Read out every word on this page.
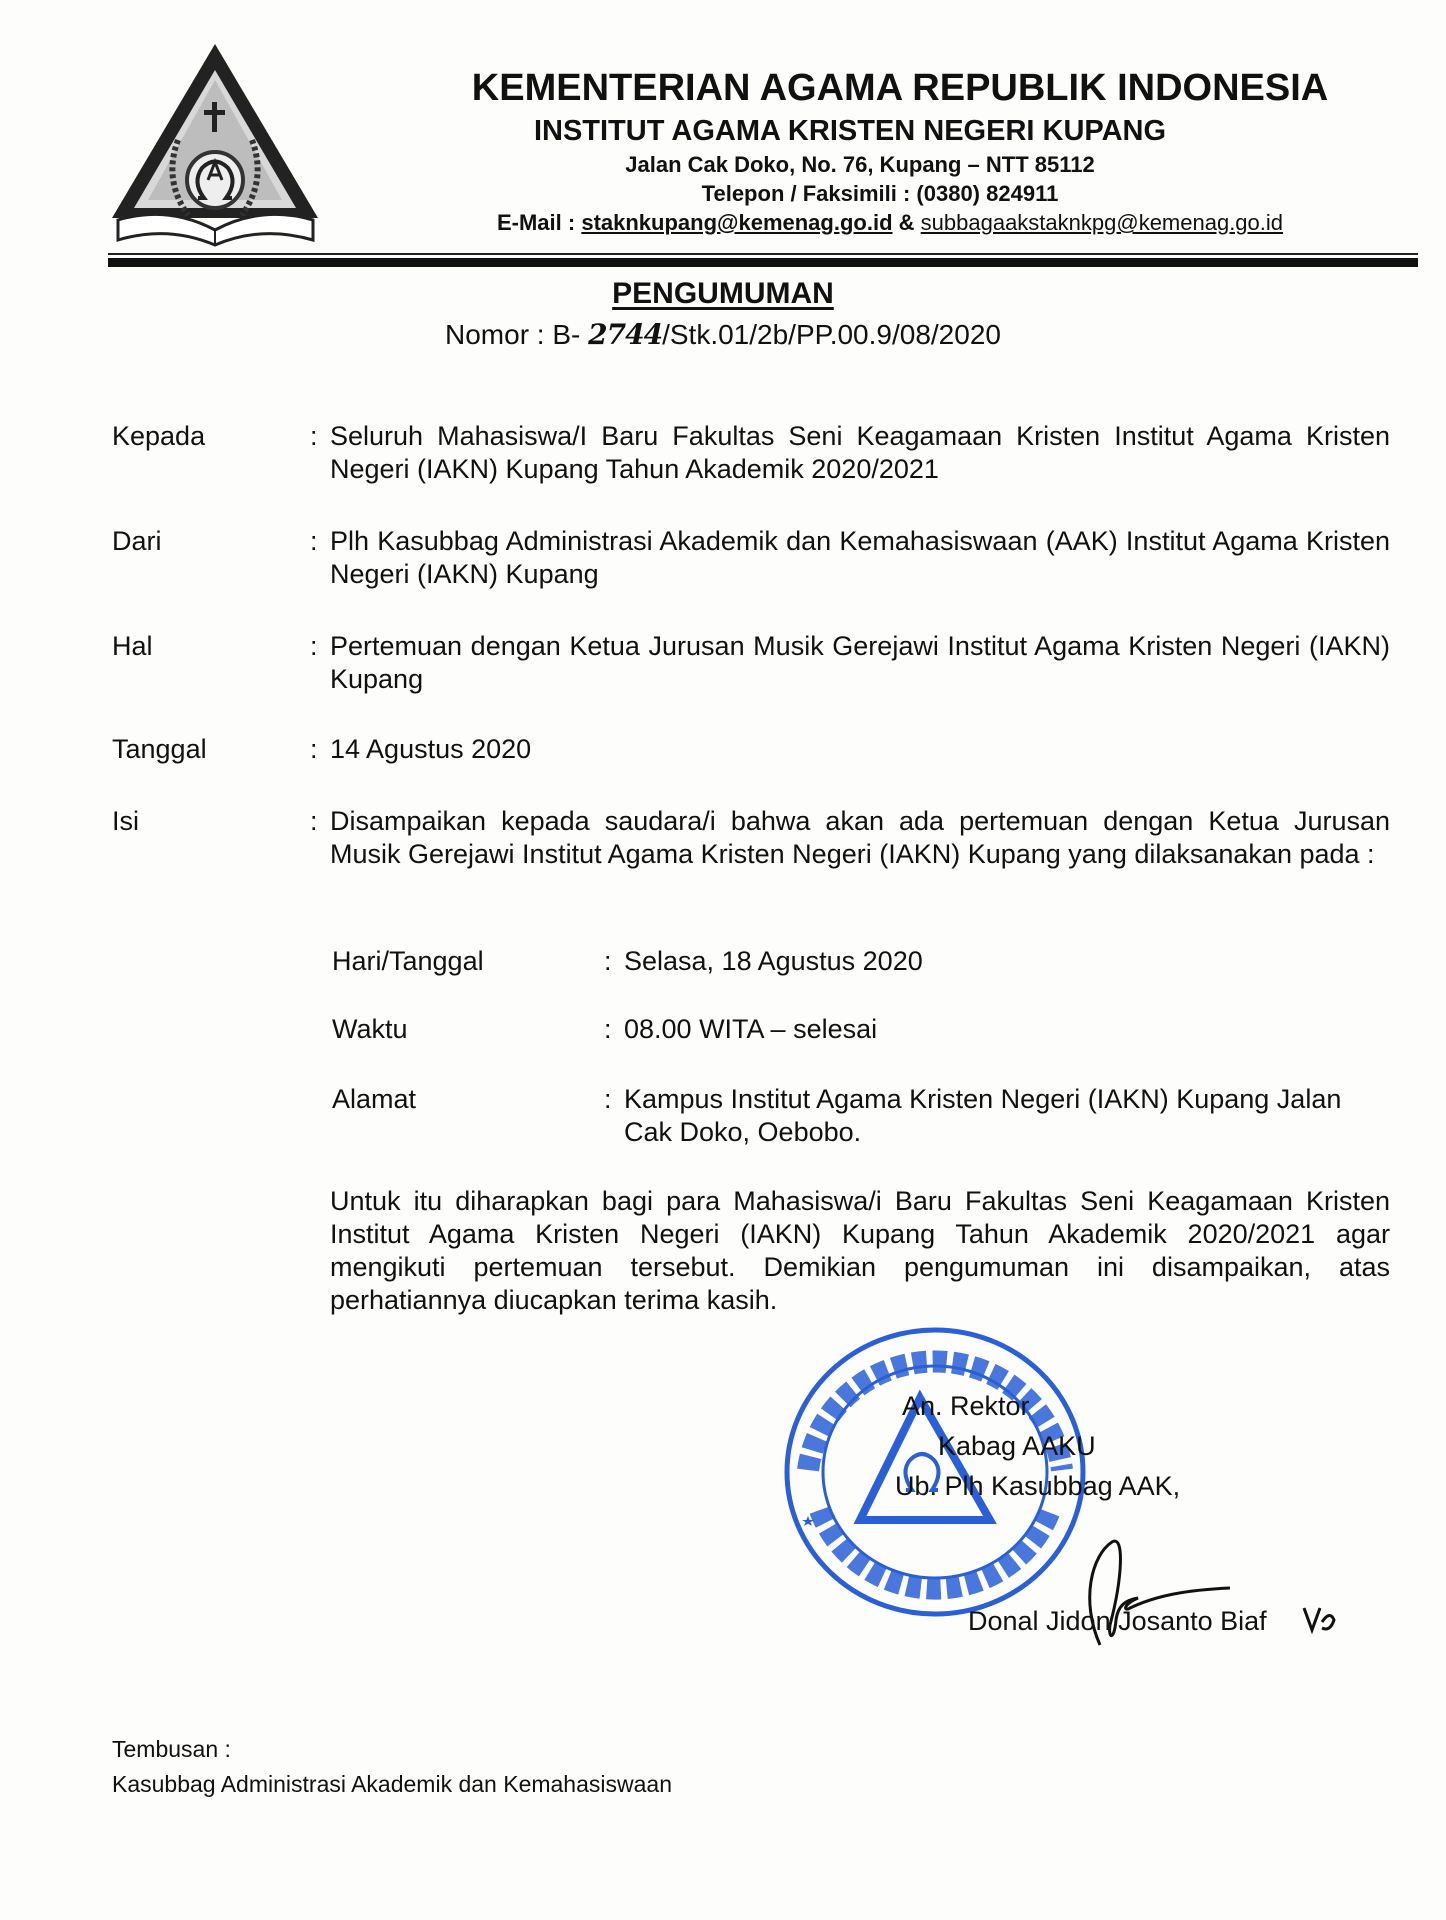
KEMENTERIAN AGAMA REPUBLIK INDONESIA
INSTITUT AGAMA KRISTEN NEGERI KUPANG
Jalan Cak Doko, No. 76, Kupang – NTT 85112
Telepon / Faksimili : (0380) 824911
E-Mail : staknkupang@kemenag.go.id & subbagaakstaknkpg@kemenag.go.id
PENGUMUMAN
Nomor : B- 2744/Stk.01/2b/PP.00.9/08/2020
Kepada	: Seluruh Mahasiswa/I Baru Fakultas Seni Keagamaan Kristen Institut Agama Kristen Negeri (IAKN) Kupang Tahun Akademik 2020/2021
Dari	: Plh Kasubbag Administrasi Akademik dan Kemahasiswaan (AAK) Institut Agama Kristen Negeri (IAKN) Kupang
Hal	: Pertemuan dengan Ketua Jurusan Musik Gerejawi Institut Agama Kristen Negeri (IAKN) Kupang
Tanggal	: 14 Agustus 2020
Isi	: Disampaikan kepada saudara/i bahwa akan ada pertemuan dengan Ketua Jurusan Musik Gerejawi Institut Agama Kristen Negeri (IAKN) Kupang yang dilaksanakan pada :
Hari/Tanggal	: Selasa, 18 Agustus 2020
Waktu	: 08.00 WITA – selesai
Alamat	: Kampus Institut Agama Kristen Negeri (IAKN) Kupang Jalan Cak Doko, Oebobo.
Untuk itu diharapkan bagi para Mahasiswa/i Baru Fakultas Seni Keagamaan Kristen Institut Agama Kristen Negeri (IAKN) Kupang Tahun Akademik 2020/2021 agar mengikuti pertemuan tersebut. Demikian pengumuman ini disampaikan, atas perhatiannya diucapkan terima kasih.
An. Rektor
Kabag AAKU
Ub. Plh Kasubbag AAK,
Donal Jidon Josanto Biaf
Tembusan :
Kasubbag Administrasi Akademik dan Kemahasiswaan
